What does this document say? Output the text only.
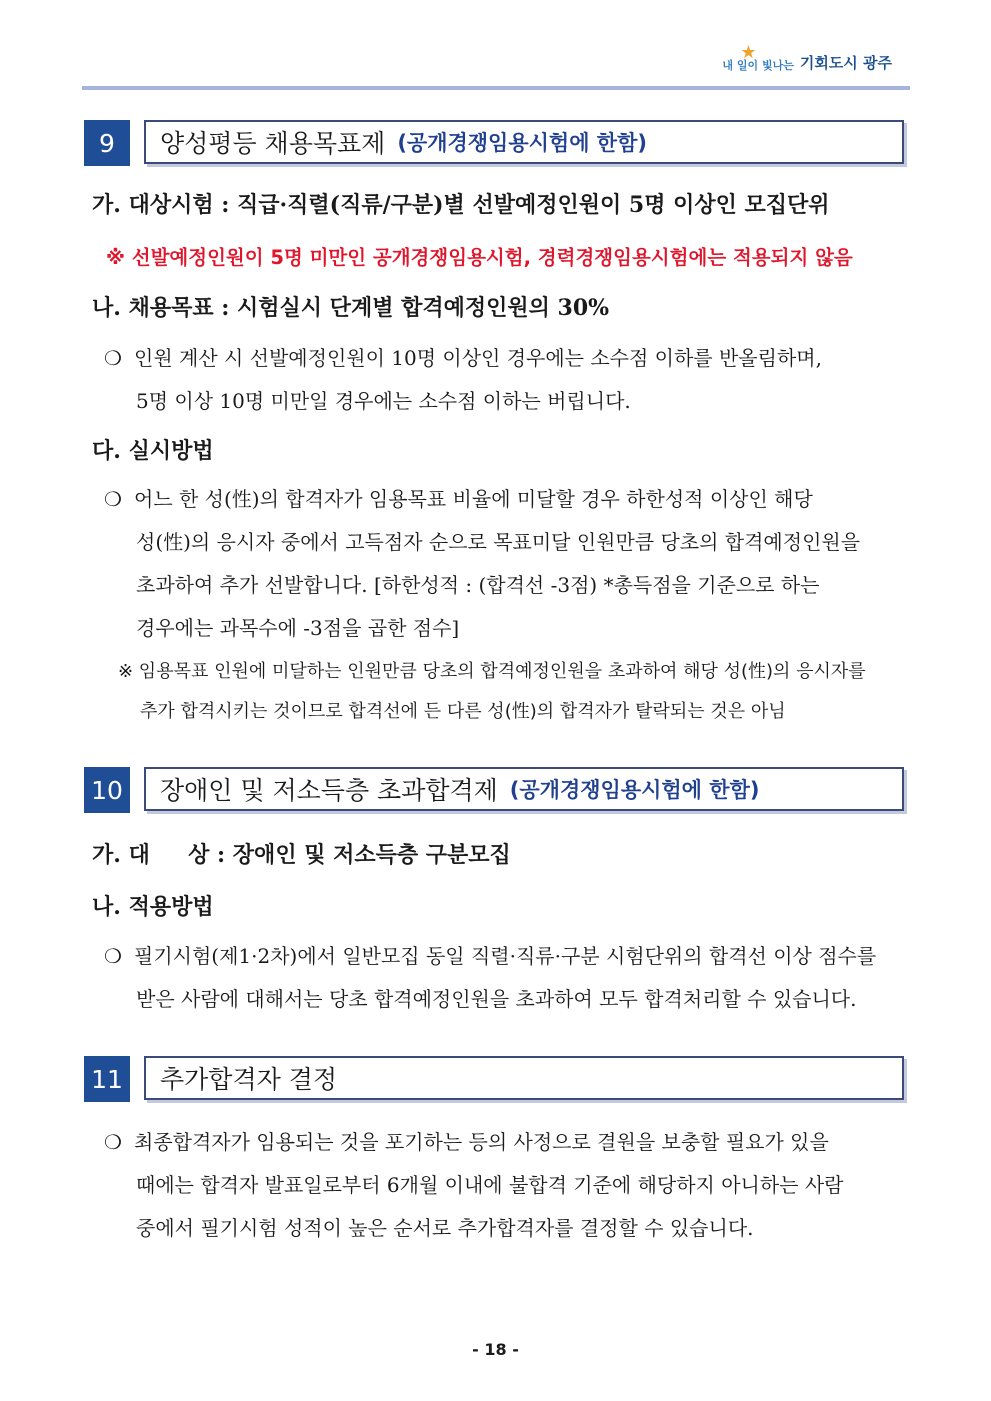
★
내 일이 빛나는 기회도시 광주
9	양성평등 채용목표제 (공개경쟁임용시험에 한함)
가. 대상시험 : 직급·직렬(직류/구분)별 선발예정인원이 5명 이상인 모집단위
※ 선발예정인원이 5명 미만인 공개경쟁임용시험, 경력경쟁임용시험에는 적용되지 않음
나. 채용목표 : 시험실시 단계별 합격예정인원의 30%
❍ 인원 계산 시 선발예정인원이 10명 이상인 경우에는 소수점 이하를 반올림하며,
5명 이상 10명 미만일 경우에는 소수점 이하는 버립니다.
다. 실시방법
❍ 어느 한 성(性)의 합격자가 임용목표 비율에 미달할 경우 하한성적 이상인 해당
성(性)의 응시자 중에서 고득점자 순으로 목표미달 인원만큼 당초의 합격예정인원을
초과하여 추가 선발합니다. [하한성적 : (합격선 -3점) *총득점을 기준으로 하는
경우에는 과목수에 -3점을 곱한 점수]
※ 임용목표 인원에 미달하는 인원만큼 당초의 합격예정인원을 초과하여 해당 성(性)의 응시자를
추가 합격시키는 것이므로 합격선에 든 다른 성(性)의 합격자가 탈락되는 것은 아님
10 장애인 및 저소득층 초과합격제 (공개경쟁임용시험에 한함)
가. 대     상 : 장애인 및 저소득층 구분모집
나. 적용방법
❍ 필기시험(제1·2차)에서 일반모집 동일 직렬·직류·구분 시험단위의 합격선 이상 점수를
받은 사람에 대해서는 당초 합격예정인원을 초과하여 모두 합격처리할 수 있습니다.
11 추가합격자 결정
❍ 최종합격자가 임용되는 것을 포기하는 등의 사정으로 결원을 보충할 필요가 있을
때에는 합격자 발표일로부터 6개월 이내에 불합격 기준에 해당하지 아니하는 사람
중에서 필기시험 성적이 높은 순서로 추가합격자를 결정할 수 있습니다.
- 18 -
